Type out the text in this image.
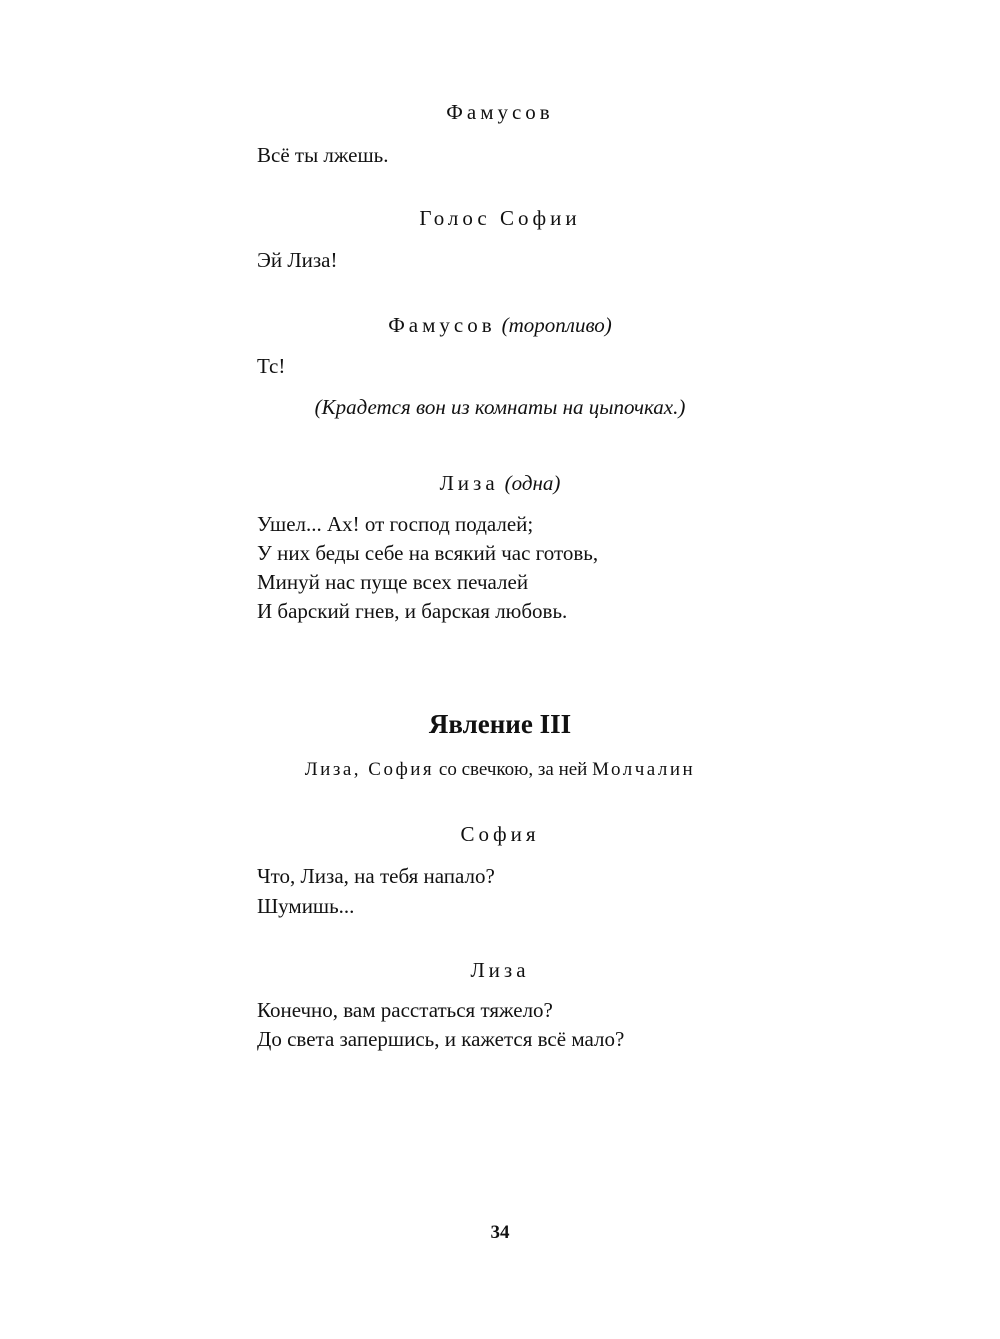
Фамусов
Всё ты лжешь.
Голос Софии
Эй Лиза!
Фамусов (торопливо)
Тс!
(Крадется вон из комнаты на цыпочках.)
Лиза (одна)
Ушел... Ах! от господ подалей;
У них беды себе на всякий час готовь,
Минуй нас пуще всех печалей
И барский гнев, и барская любовь.
Явление III
Лиза, София со свечкою, за ней Молчалин
София
Что, Лиза, на тебя напало?
Шумишь...
Лиза
Конечно, вам расстаться тяжело?
До света запершись, и кажется всё мало?
34
